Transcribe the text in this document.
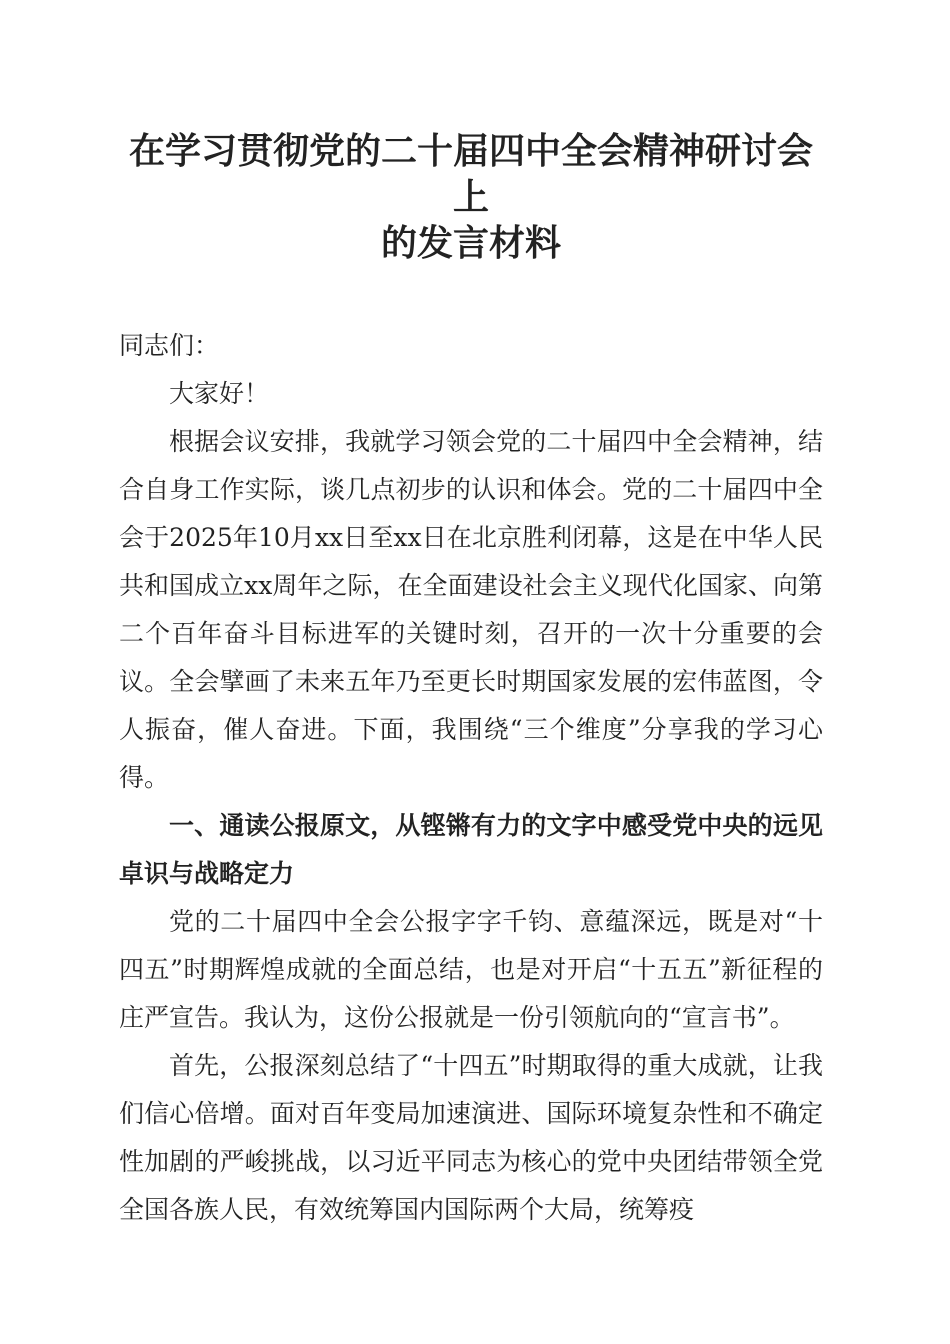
在学习贯彻党的二十届四中全会精神研讨会上
的发言材料

同志们：

大家好！

根据会议安排，我就学习领会党的二十届四中全会精神，结合自身工作实际，谈几点初步的认识和体会。党的二十届四中全会于2025年10月xx日至xx日在北京胜利闭幕，这是在中华人民共和国成立xx周年之际，在全面建设社会主义现代化国家、向第二个百年奋斗目标进军的关键时刻，召开的一次十分重要的会议。全会擘画了未来五年乃至更长时期国家发展的宏伟蓝图，令人振奋，催人奋进。下面，我围绕“三个维度”分享我的学习心得。

一、通读公报原文，从铿锵有力的文字中感受党中央的远见卓识与战略定力

党的二十届四中全会公报字字千钧、意蕴深远，既是对“十四五”时期辉煌成就的全面总结，也是对开启“十五五”新征程的庄严宣告。我认为，这份公报就是一份引领航向的“宣言书”。

首先，公报深刻总结了“十四五”时期取得的重大成就，让我们信心倍增。面对百年变局加速演进、国际环境复杂性和不确定性加剧的严峻挑战，以习近平同志为核心的党中央团结带领全党全国各族人民，有效统筹国内国际两个大局，统筹疫
